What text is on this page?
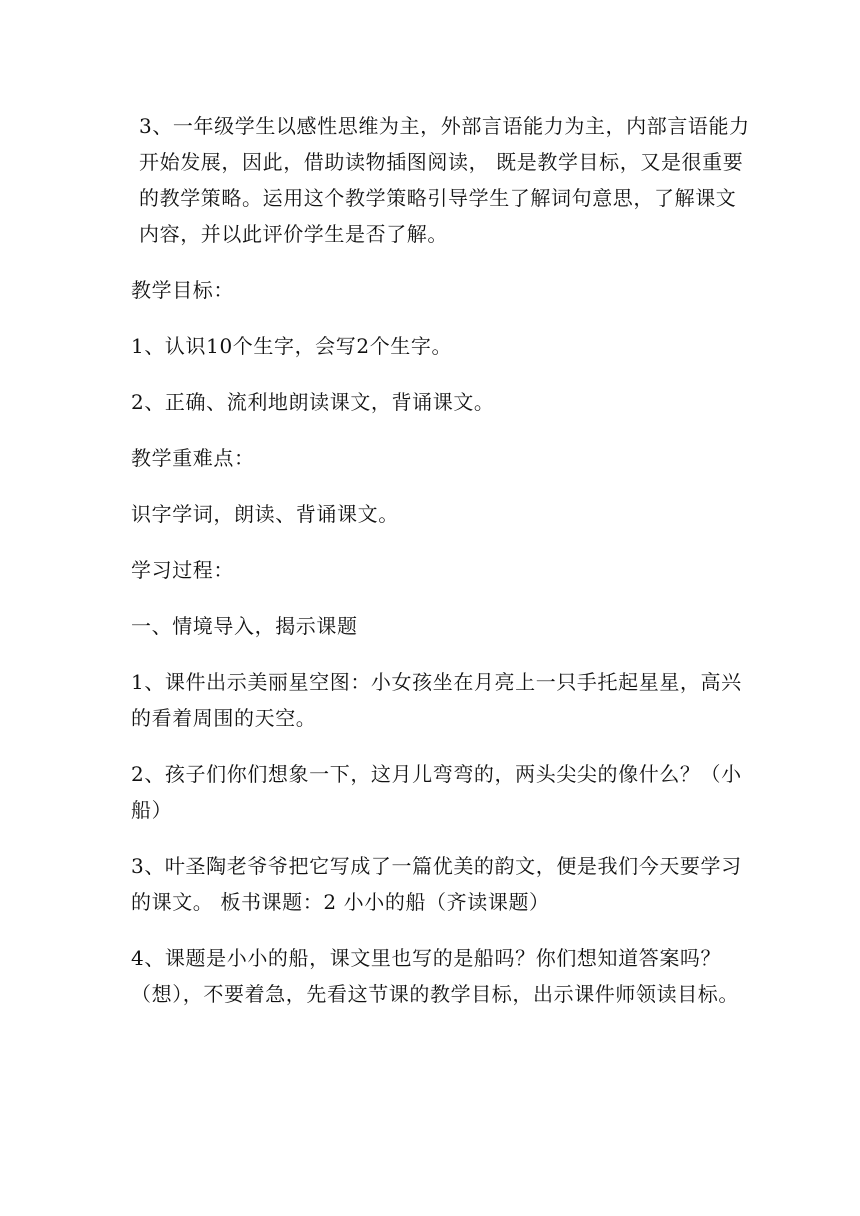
3、一年级学生以感性思维为主，外部言语能力为主，内部言语能力开始发展，因此，借助读物插图阅读， 既是教学目标，又是很重要的教学策略。运用这个教学策略引导学生了解词句意思，了解课文内容，并以此评价学生是否了解。

教学目标：

1、认识10个生字，会写2个生字。

2、正确、流利地朗读课文，背诵课文。

教学重难点：

识字学词，朗读、背诵课文。

学习过程：

一、情境导入，揭示课题

1、课件出示美丽星空图：小女孩坐在月亮上一只手托起星星，高兴的看着周围的天空。

2、孩子们你们想象一下，这月儿弯弯的，两头尖尖的像什么？（小船）

3、叶圣陶老爷爷把它写成了一篇优美的韵文，便是我们今天要学习的课文。 板书课题：2 小小的船（齐读课题）

4、课题是小小的船，课文里也写的是船吗？你们想知道答案吗？（想），不要着急，先看这节课的教学目标，出示课件师领读目标。
